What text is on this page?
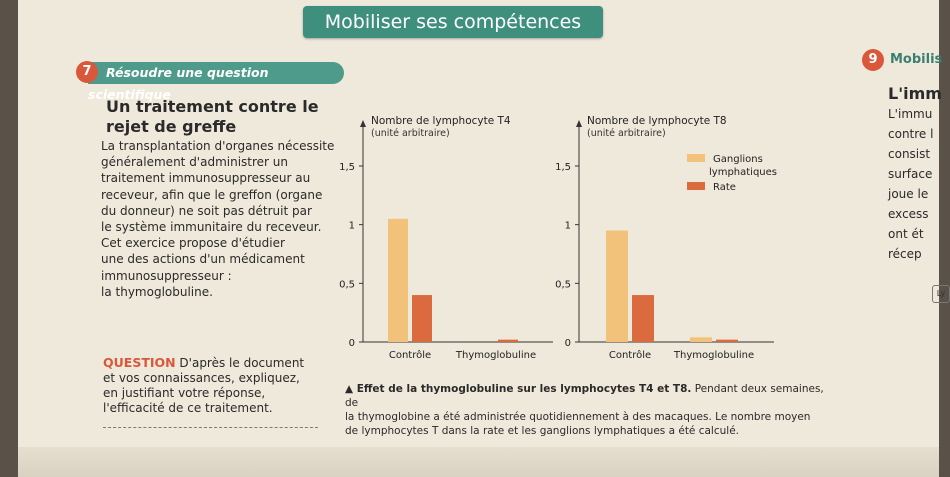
Mobiliser ses compétences
7	Résoudre une question scientifique
9 Mobilis
Un traitement contre le
rejet de greffe
La transplantation d'organes nécessite
généralement d'administrer un
traitement immunosuppresseur au
receveur, afin que le greffon (organe
du donneur) ne soit pas détruit par
le système immunitaire du receveur.
Cet exercice propose d'étudier
une des actions d'un médicament
immunosuppresseur :
la thymoglobuline.
QUESTION D'après le document
et vos connaissances, expliquez,
en justifiant votre réponse,
l'efficacité de ce traitement.
▲ Effet de la thymoglobuline sur les lymphocytes T4 et T8. Pendant deux semaines, de
la thymoglobine a été administrée quotidiennement à des macaques. Le nombre moyen
de lymphocytes T dans la rate et les ganglions lymphatiques a été calculé.
L'imm
L'immu
contre l
consist
surface
joue le
excess
ont ét
récep
Ly
Nombre de lymphocyte T4
(unité arbitraire)
0
0,5
1
1,5
Contrôle Thymoglobuline
Nombre de lymphocyte T8
(unité arbitraire)
0
0,5
1
1,5
Contrôle Thymoglobuline
Ganglions
lymphatiques
Rate
